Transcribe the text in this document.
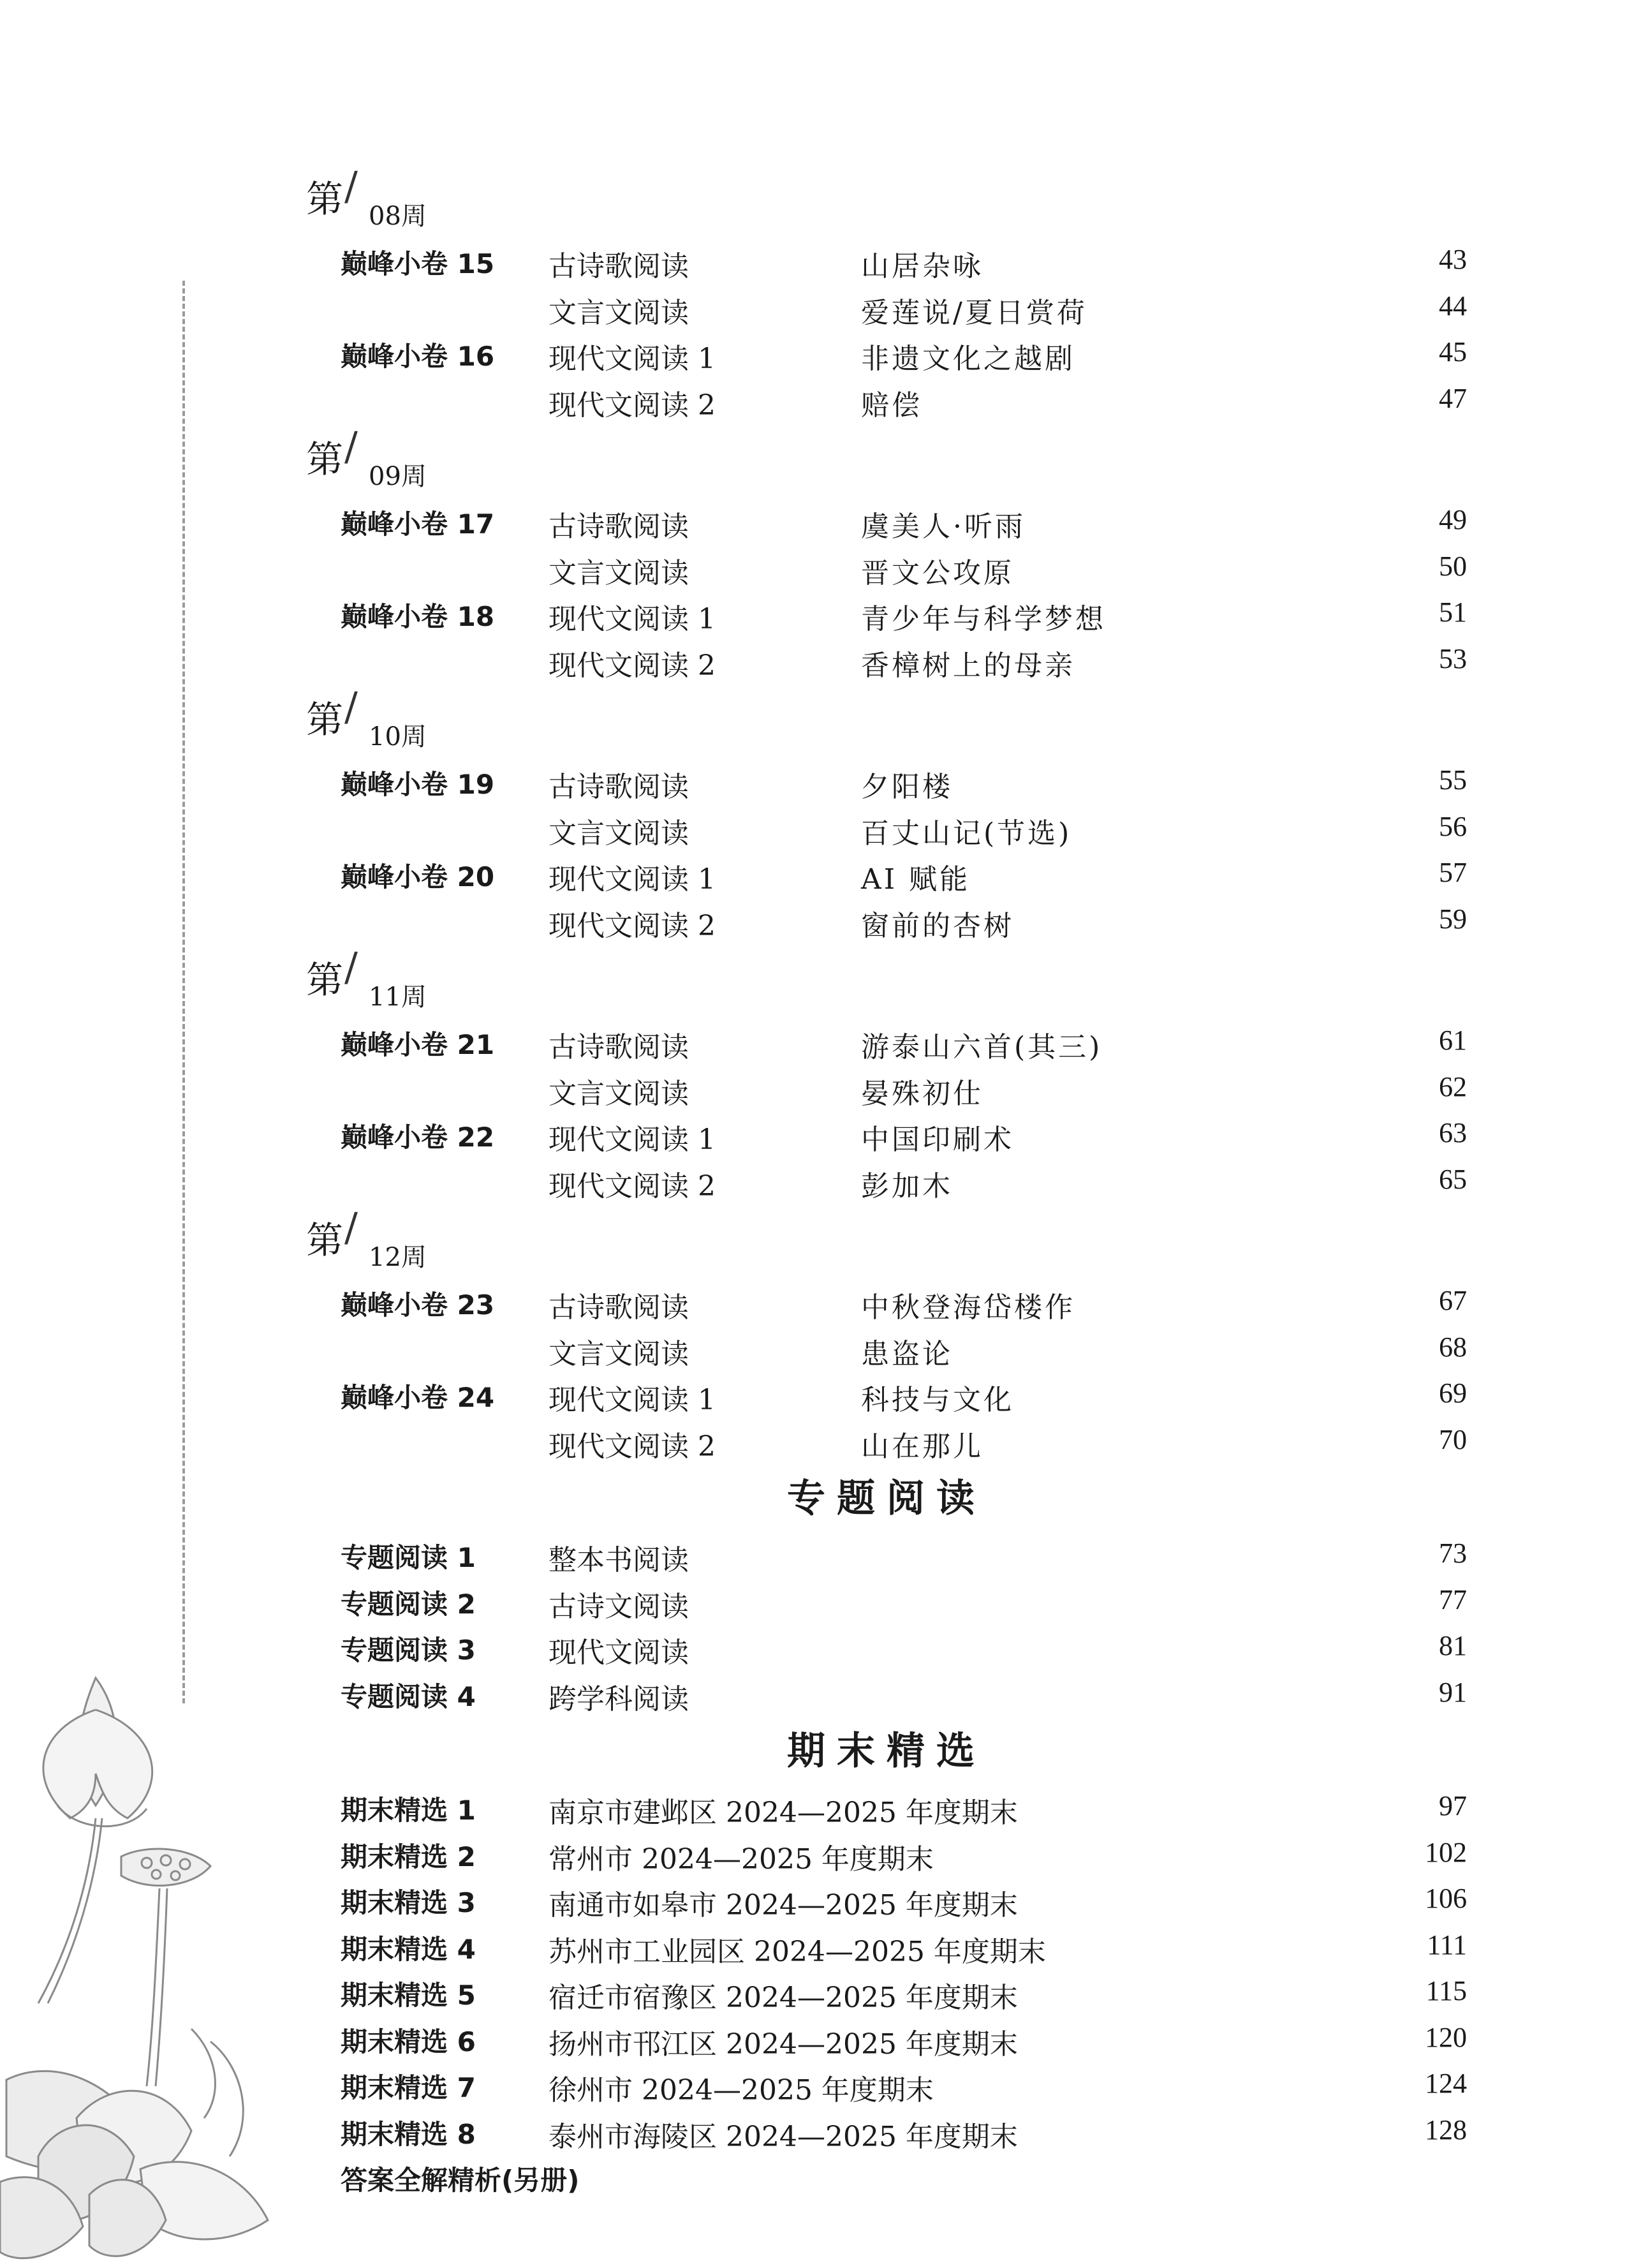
第 /
08周
巅峰小卷 15 古诗歌阅读	山居杂咏	43
文言文阅读	爱莲说/夏日赏荷	44
巅峰小卷 16 现代文阅读 1	非遗文化之越剧	45
现代文阅读 2	赔偿	47
第 /
09周
巅峰小卷 17 古诗歌阅读	虞美人·听雨	49
文言文阅读	晋文公攻原	50
巅峰小卷 18 现代文阅读 1	青少年与科学梦想	51
现代文阅读 2	香樟树上的母亲	53
第 /
10周
巅峰小卷 19 古诗歌阅读	夕阳楼	55
文言文阅读	百丈山记(节选)	56
巅峰小卷 20 现代文阅读 1	AI 赋能	57
现代文阅读 2	窗前的杏树	59
第 /
11周
巅峰小卷 21 古诗歌阅读	游泰山六首(其三)	61
文言文阅读	晏殊初仕	62
巅峰小卷 22 现代文阅读 1	中国印刷术	63
现代文阅读 2	彭加木	65
第 /
12周
巅峰小卷 23 古诗歌阅读	中秋登海岱楼作	67
文言文阅读	患盗论	68
巅峰小卷 24 现代文阅读 1	科技与文化	69
现代文阅读 2	山在那儿	70
专题阅读
专题阅读 1	整本书阅读	73
专题阅读 2	古诗文阅读	77
专题阅读 3	现代文阅读	81
专题阅读 4	跨学科阅读	91
期末精选
期末精选 1	南京市建邺区 2024—2025 年度期末	97
期末精选 2	常州市 2024—2025 年度期末	102
期末精选 3	南通市如皋市 2024—2025 年度期末	106
期末精选 4	苏州市工业园区 2024—2025 年度期末	111
期末精选 5	宿迁市宿豫区 2024—2025 年度期末	115
期末精选 6	扬州市邗江区 2024—2025 年度期末	120
期末精选 7	徐州市 2024—2025 年度期末	124
期末精选 8	泰州市海陵区 2024—2025 年度期末	128
答案全解精析(另册)
